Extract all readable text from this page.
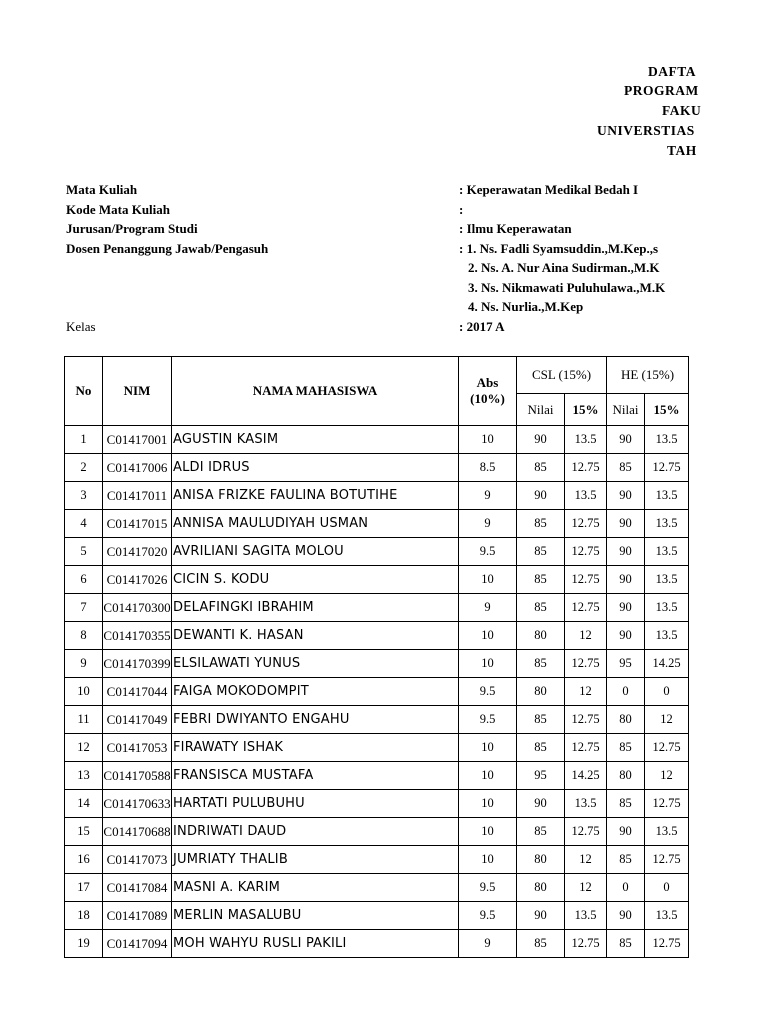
DAFTA
PROGRAM
FAKU
UNIVERSTIAS
TAH
Mata Kuliah	: Keperawatan Medikal Bedah I
Kode Mata Kuliah	:
Jurusan/Program Studi	: Ilmu Keperawatan
Dosen Penanggung Jawab/Pengasuh	: 1. Ns. Fadli Syamsuddin.,M.Kep.,s
2. Ns. A. Nur Aina Sudirman.,M.K
3. Ns. Nikmawati Puluhulawa.,M.K
4. Ns. Nurlia.,M.Kep
Kelas	: 2017 A
No	NIM	NAMA MAHASISWA	Abs (10%)	CSL (15%)		HE (15%)	
				Nilai	15%	Nilai	15%
1	C01417001	AGUSTIN KASIM	10	90	13.5	90	13.5
2	C01417006	ALDI IDRUS	8.5	85	12.75	85	12.75
3	C01417011	ANISA FRIZKE FAULINA BOTUTIHE	9	90	13.5	90	13.5
4	C01417015	ANNISA MAULUDIYAH USMAN	9	85	12.75	90	13.5
5	C01417020	AVRILIANI SAGITA MOLOU	9.5	85	12.75	90	13.5
6	C01417026	CICIN S. KODU	10	85	12.75	90	13.5
7	C014170300	DELAFINGKI IBRAHIM	9	85	12.75	90	13.5
8	C014170355	DEWANTI K. HASAN	10	80	12	90	13.5
9	C014170399	ELSILAWATI YUNUS	10	85	12.75	95	14.25
10	C01417044	FAIGA MOKODOMPIT	9.5	80	12	0	0
11	C01417049	FEBRI DWIYANTO ENGAHU	9.5	85	12.75	80	12
12	C01417053	FIRAWATY ISHAK	10	85	12.75	85	12.75
13	C014170588	FRANSISCA MUSTAFA	10	95	14.25	80	12
14	C014170633	HARTATI PULUBUHU	10	90	13.5	85	12.75
15	C014170688	INDRIWATI DAUD	10	85	12.75	90	13.5
16	C01417073	JUMRIATY THALIB	10	80	12	85	12.75
17	C01417084	MASNI A. KARIM	9.5	80	12	0	0
18	C01417089	MERLIN MASALUBU	9.5	90	13.5	90	13.5
19	C01417094	MOH WAHYU RUSLI PAKILI	9	85	12.75	85	12.75
